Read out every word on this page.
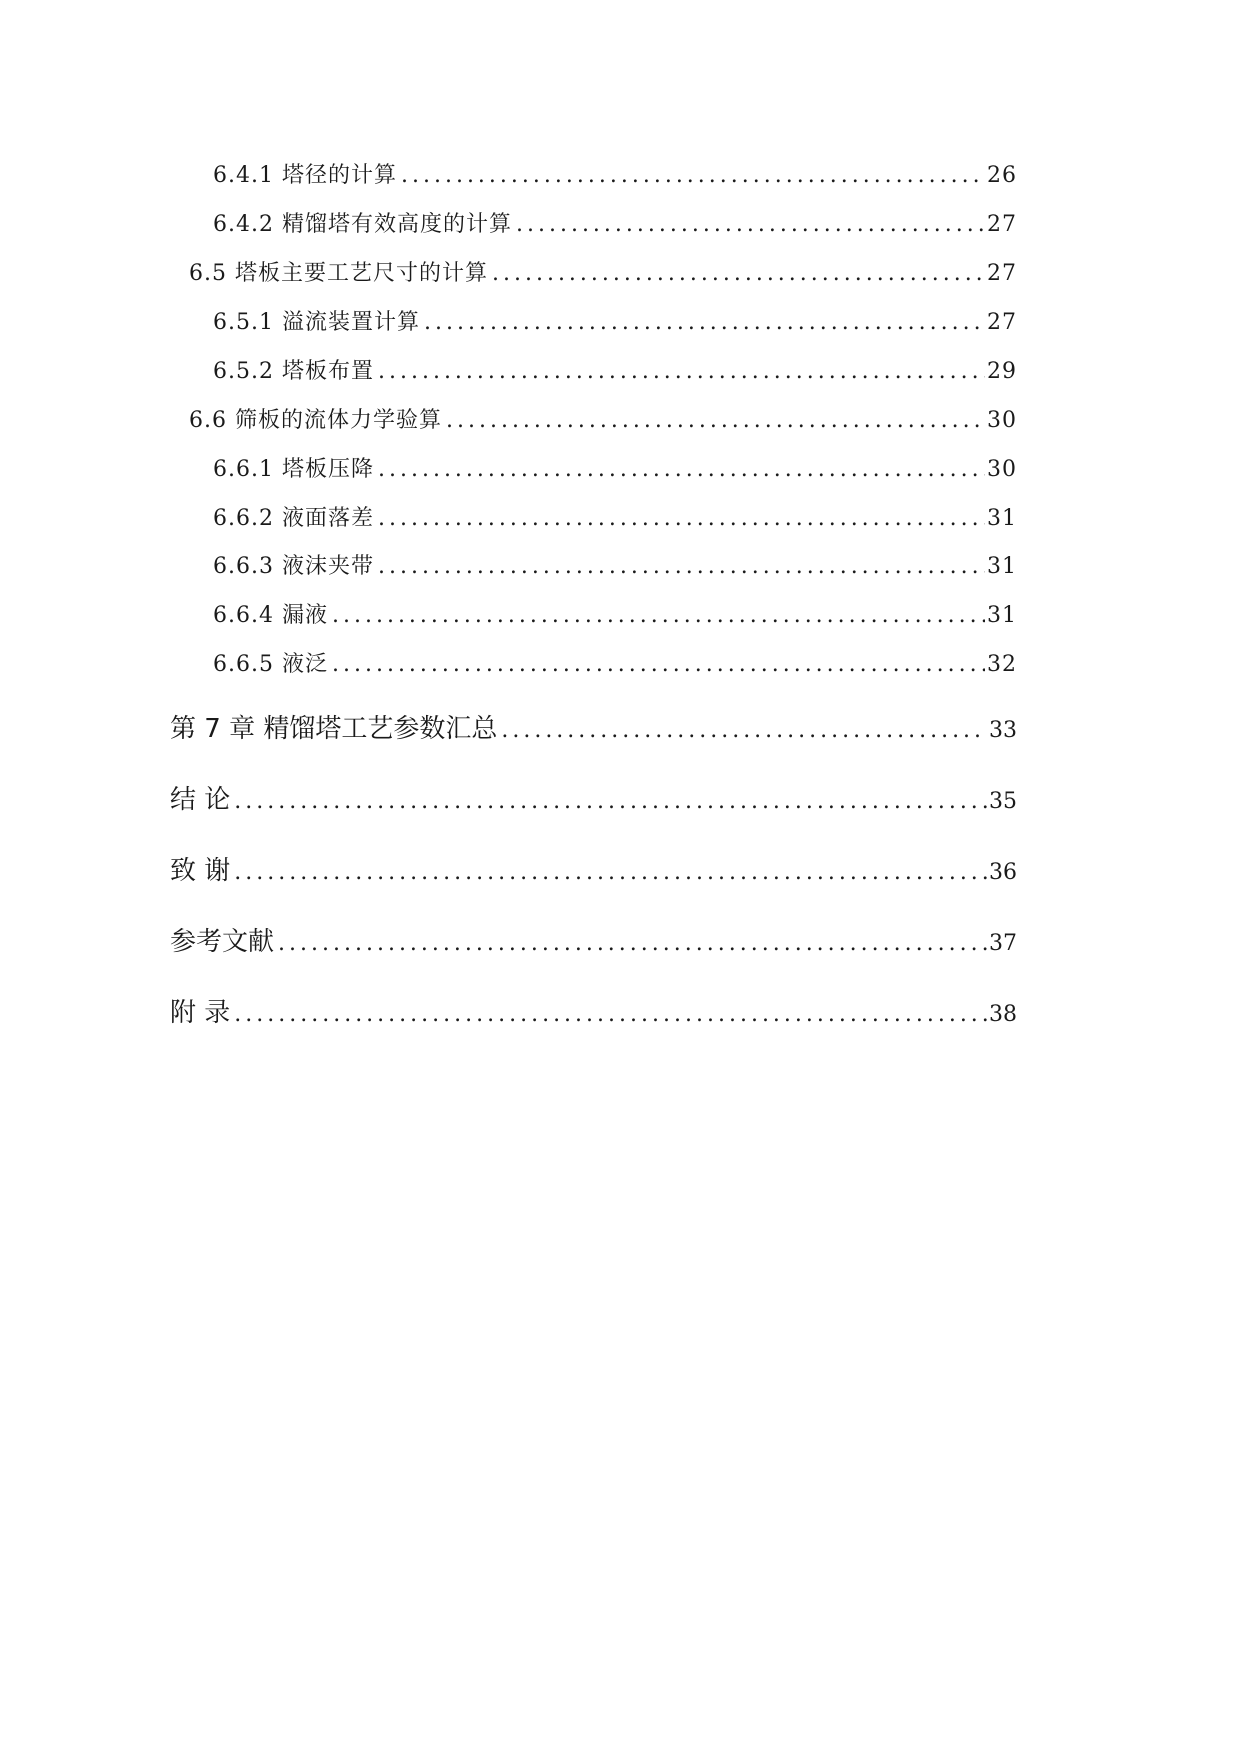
6.4.1 塔径的计算 .....	26
6.4.2 精馏塔有效高度的计算 .....	27
6.5 塔板主要工艺尺寸的计算 .....	27
6.5.1 溢流装置计算 .....	27
6.5.2 塔板布置 .....	29
6.6 筛板的流体力学验算 .....	30
6.6.1 塔板压降 .....	30
6.6.2 液面落差 .....	31
6.6.3 液沫夹带 .....	31
6.6.4 漏液 .....	31
6.6.5 液泛 .....	32
第 7 章 精馏塔工艺参数汇总 .....	33
结 论 .....	35
致 谢 .....	36
参考文献 .....	37
附 录 .....	38
